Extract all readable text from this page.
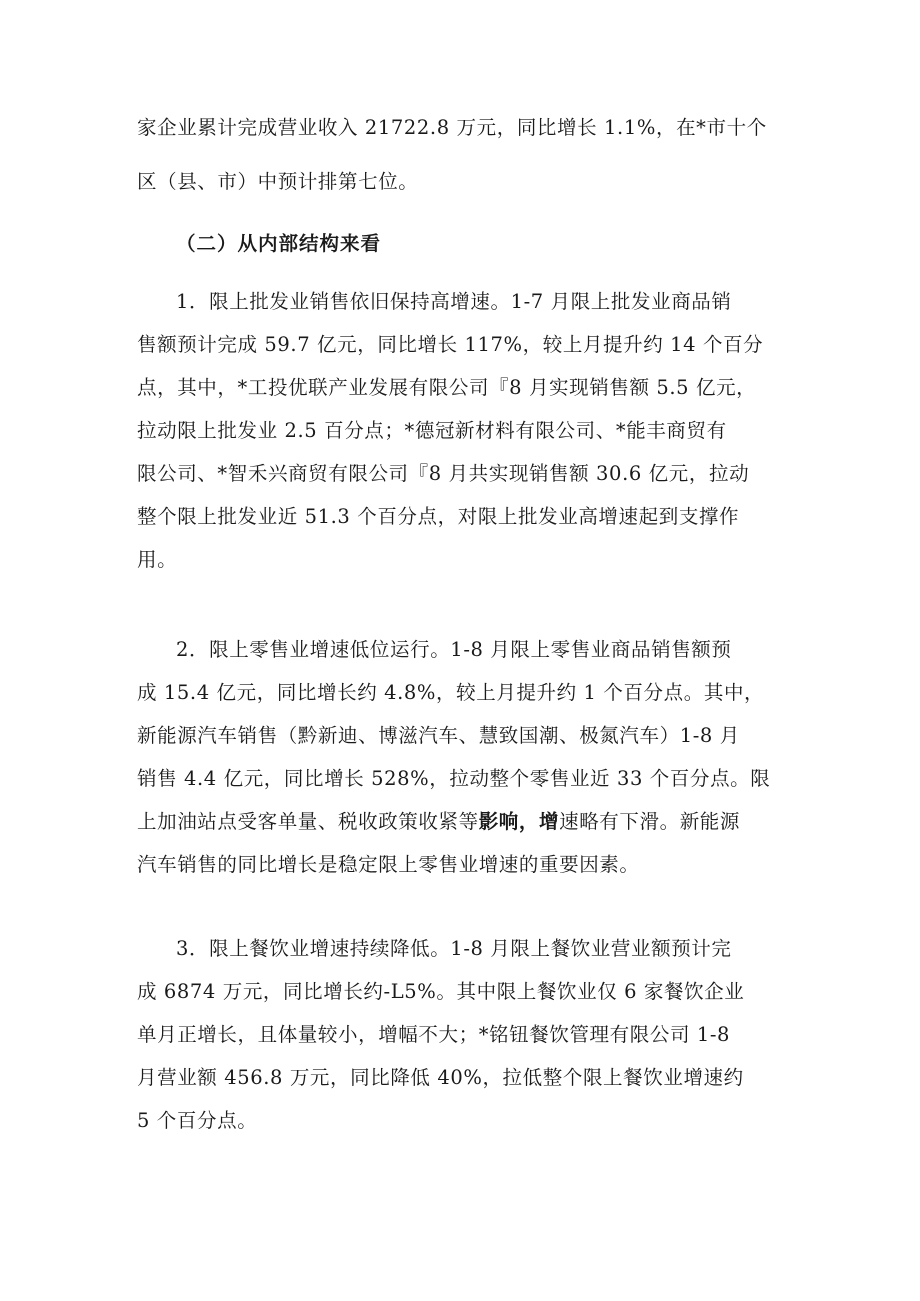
家企业累计完成营业收入 21722.8 万元，同比增长 1.1%，在*市十个
区（县、市）中预计排第七位。
（二）从内部结构来看
1．限上批发业销售依旧保持高增速。1-7 月限上批发业商品销
售额预计完成 59.7 亿元，同比增长 117%，较上月提升约 14 个百分
点，其中，*工投优联产业发展有限公司『8 月实现销售额 5.5 亿元，
拉动限上批发业 2.5 百分点；*德冠新材料有限公司、*能丰商贸有
限公司、*智禾兴商贸有限公司『8 月共实现销售额 30.6 亿元，拉动
整个限上批发业近 51.3 个百分点，对限上批发业高增速起到支撑作
用。
2．限上零售业增速低位运行。1-8 月限上零售业商品销售额预
成 15.4 亿元，同比增长约 4.8%，较上月提升约 1 个百分点。其中，
新能源汽车销售（黔新迪、博滋汽车、慧致国潮、极氮汽车）1-8 月
销售 4.4 亿元，同比增长 528%，拉动整个零售业近 33 个百分点。限
上加油站点受客单量、税收政策收紧等影响，增速略有下滑。新能源
汽车销售的同比增长是稳定限上零售业增速的重要因素。
3．限上餐饮业增速持续降低。1-8 月限上餐饮业营业额预计完
成 6874 万元，同比增长约-L5%。其中限上餐饮业仅 6 家餐饮企业
单月正增长，且体量较小，增幅不大；*铭钮餐饮管理有限公司 1-8
月营业额 456.8 万元，同比降低 40%，拉低整个限上餐饮业增速约
5 个百分点。
